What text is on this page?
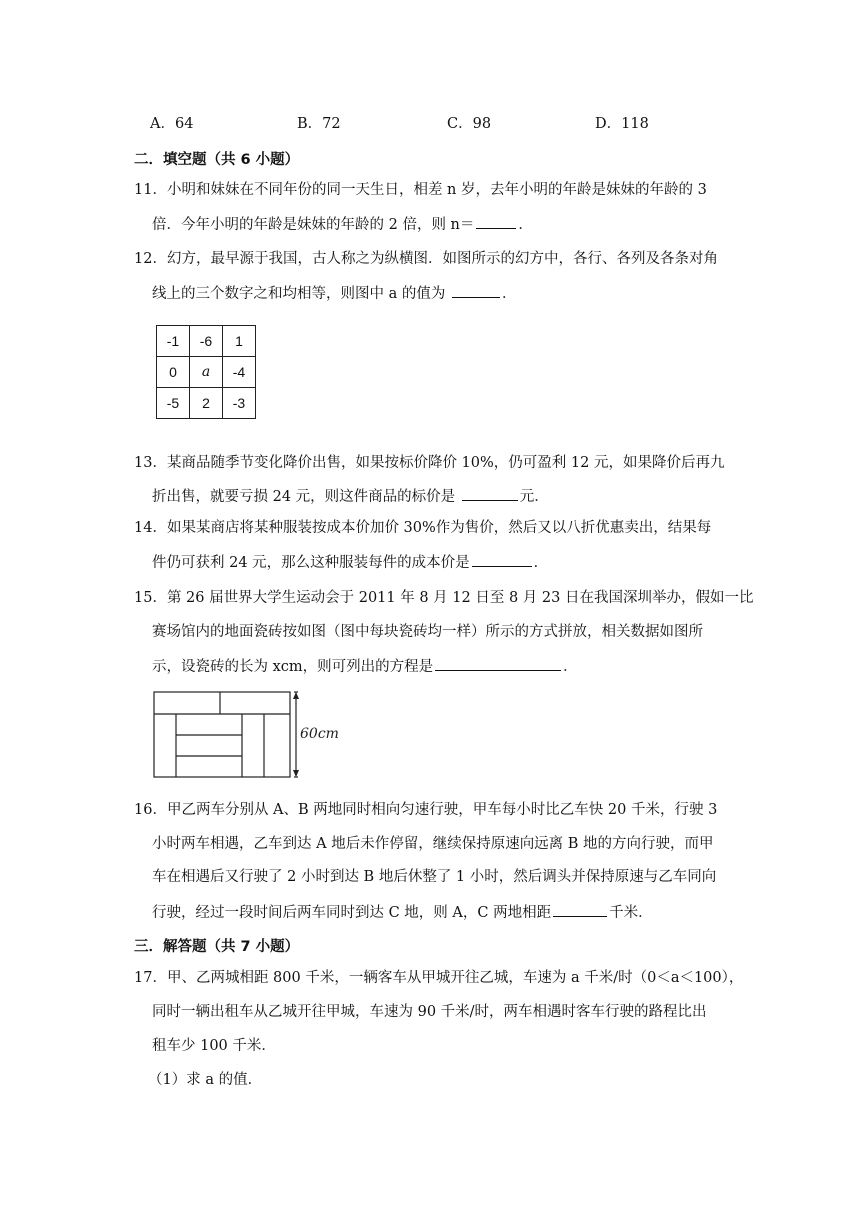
A．64	B．72	C．98	D．118
二．填空题（共 6 小题）
11．小明和妹妹在不同年份的同一天生日，相差 n 岁，去年小明的年龄是妹妹的年龄的 3
倍．今年小明的年龄是妹妹的年龄的 2 倍，则 n＝	．
12．幻方，最早源于我国，古人称之为纵横图．如图所示的幻方中，各行、各列及各条对角
线上的三个数字之和均相等，则图中 a 的值为	．
-1	-6	1
0	a	-4
-5	2	-3
13．某商品随季节变化降价出售，如果按标价降价 10%，仍可盈利 12 元，如果降价后再九
折出售，就要亏损 24 元，则这件商品的标价是	元．
14．如果某商店将某种服装按成本价加价 30%作为售价，然后又以八折优惠卖出，结果每
件仍可获利 24 元，那么这种服装每件的成本价是	．
15．第 26 届世界大学生运动会于 2011 年 8 月 12 日至 8 月 23 日在我国深圳举办，假如一比
赛场馆内的地面瓷砖按如图（图中每块瓷砖均一样）所示的方式拼放，相关数据如图所
示，设瓷砖的长为 xcm，则可列出的方程是	．
60cm
16．甲乙两车分别从 A、B 两地同时相向匀速行驶，甲车每小时比乙车快 20 千米，行驶 3
小时两车相遇，乙车到达 A 地后未作停留，继续保持原速向远离 B 地的方向行驶，而甲
车在相遇后又行驶了 2 小时到达 B 地后休整了 1 小时，然后调头并保持原速与乙车同向
行驶，经过一段时间后两车同时到达 C 地，则 A，C 两地相距	千米．
三．解答题（共 7 小题）
17．甲、乙两城相距 800 千米，一辆客车从甲城开往乙城，车速为 a 千米/时（0＜a＜100），
同时一辆出租车从乙城开往甲城，车速为 90 千米/时，两车相遇时客车行驶的路程比出
租车少 100 千米．
（1）求 a 的值．
